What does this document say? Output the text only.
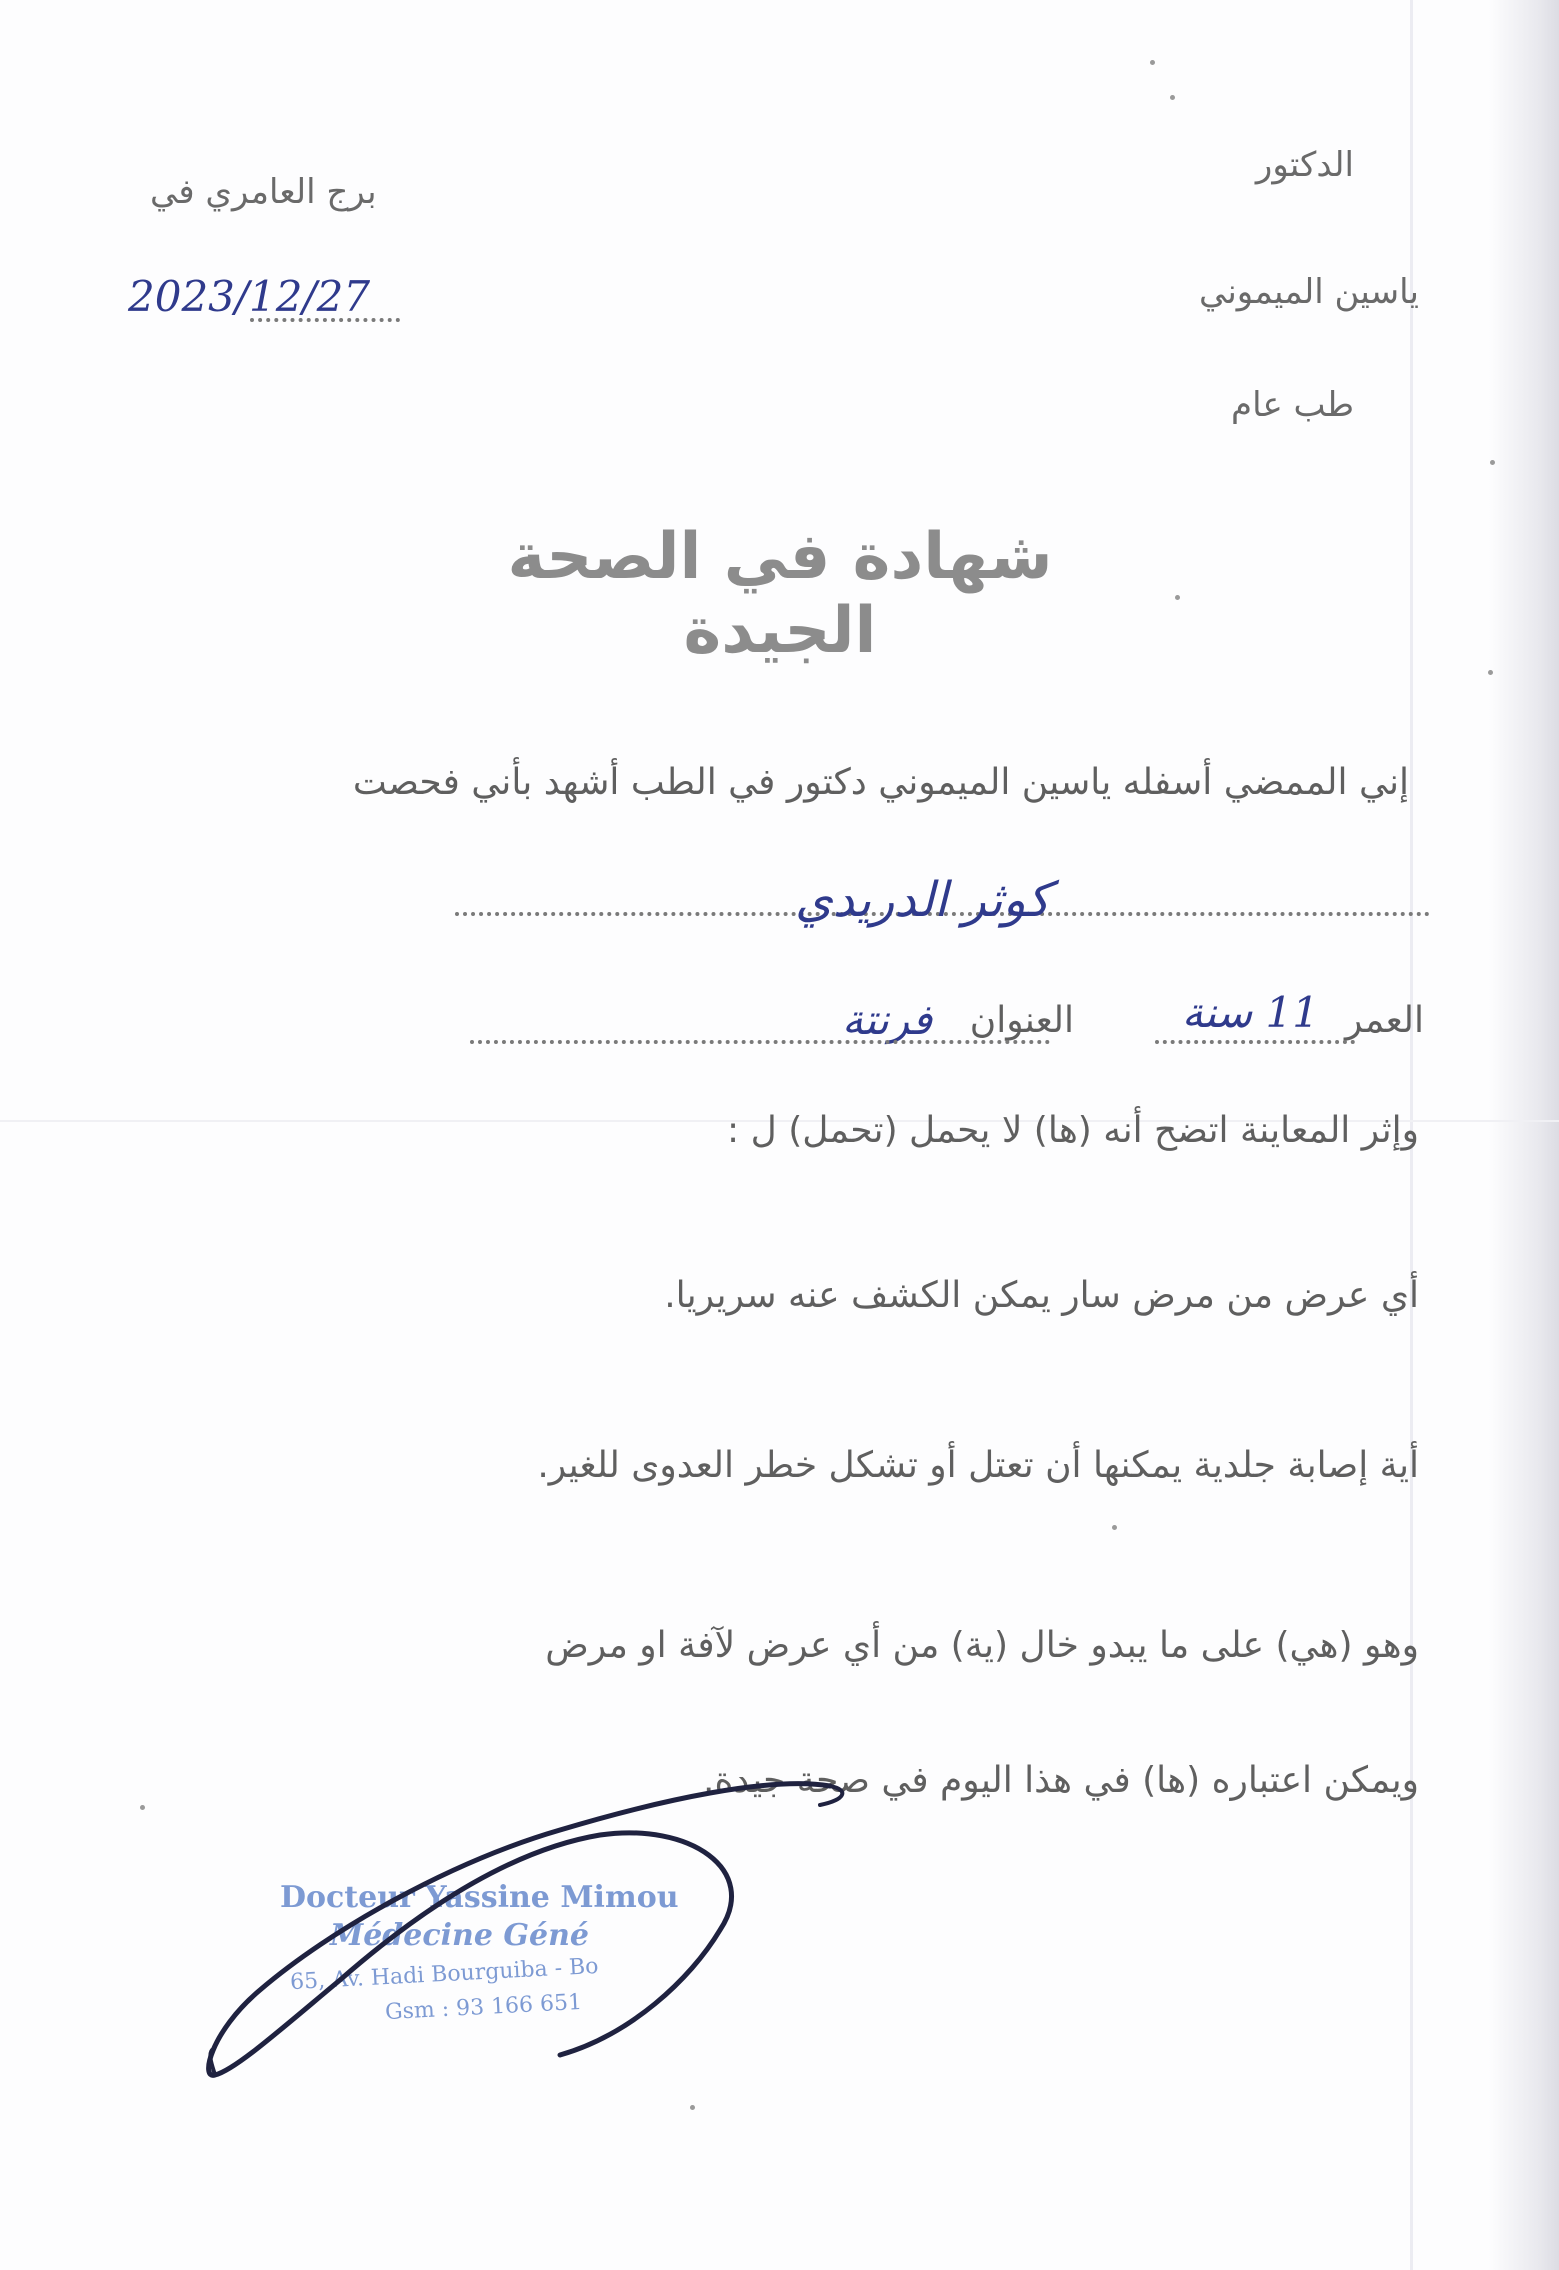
الدكتور
ياسين الميموني
طب عام
برج العامري في
2023/12/27
شهادة في الصحة الجيدة
إني الممضي أسفله ياسين الميموني دكتور في الطب أشهد بأني فحصت
كوثر الدريدي
العمر
11 سنة
العنوان
فرنتة
وإثر المعاينة اتضح أنه (ها) لا يحمل (تحمل) ل :
أي عرض من مرض سار يمكن الكشف عنه سريريا.
أية إصابة جلدية يمكنها أن تعتل أو تشكل خطر العدوى للغير.
وهو (هي) على ما يبدو خال (ية) من أي عرض لآفة او مرض
ويمكن اعتباره (ها) في هذا اليوم في صحة جيدة.
Docteur Yassine Mimou
Médecine Géné
65, Av. Hadi Bourguiba - Bo
Gsm : 93 166 651
